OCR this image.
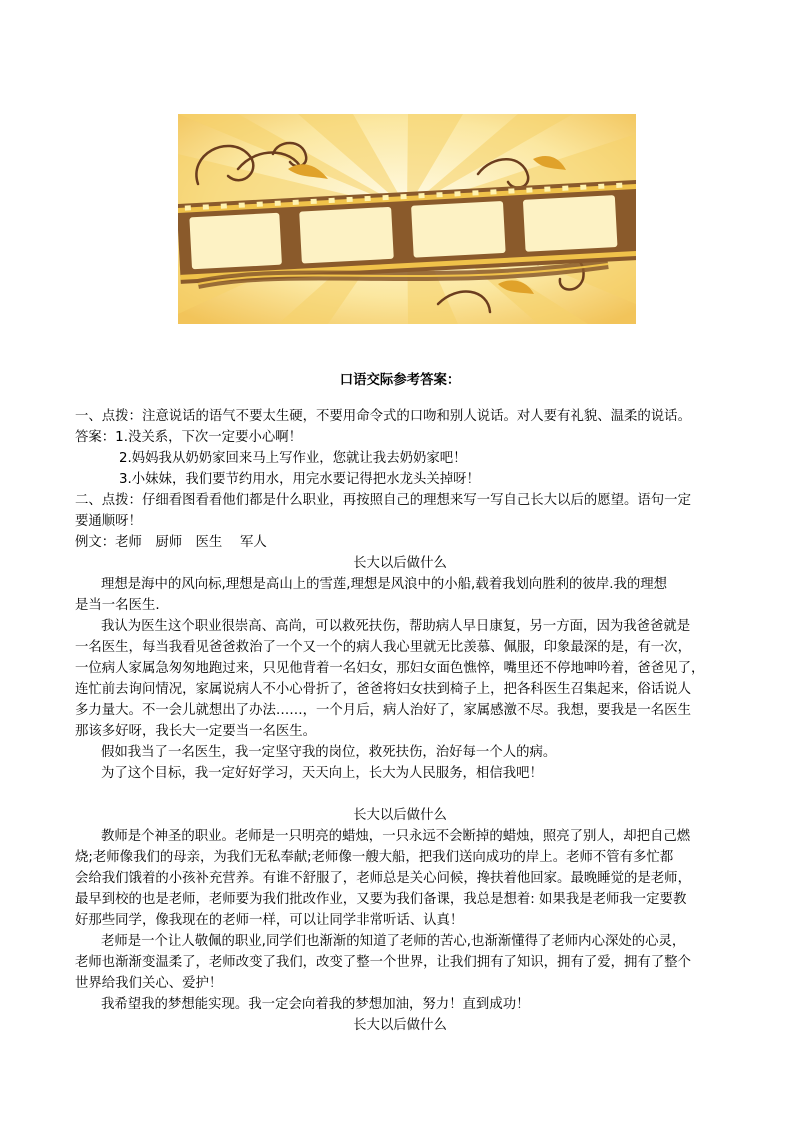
口语交际参考答案：
一、点拨：注意说话的语气不要太生硬，不要用命令式的口吻和别人说话。对人要有礼貌、温柔的说话。
答案：1.没关系，下次一定要小心啊！
2.妈妈我从奶奶家回来马上写作业，您就让我去奶奶家吧！
3.小妹妹，我们要节约用水，用完水要记得把水龙头关掉呀！
二、点拨：仔细看图看看他们都是什么职业，再按照自己的理想来写一写自己长大以后的愿望。语句一定
要通顺呀！
例文：老师　厨师　医生　 军人
长大以后做什么
理想是海中的风向标,理想是高山上的雪莲,理想是风浪中的小船,载着我划向胜利的彼岸.我的理想
是当一名医生.
我认为医生这个职业很崇高、高尚，可以救死扶伤，帮助病人早日康复，另一方面，因为我爸爸就是
一名医生，每当我看见爸爸救治了一个又一个的病人我心里就无比羡慕、佩服，印象最深的是，有一次，
一位病人家属急匆匆地跑过来，只见他背着一名妇女，那妇女面色憔悴，嘴里还不停地呻吟着，爸爸见了，
连忙前去询问情况，家属说病人不小心骨折了，爸爸将妇女扶到椅子上，把各科医生召集起来，俗话说人
多力量大。不一会儿就想出了办法……，一个月后，病人治好了，家属感激不尽。我想，要我是一名医生
那该多好呀，我长大一定要当一名医生。
假如我当了一名医生，我一定坚守我的岗位，救死扶伤，治好每一个人的病。
为了这个目标，我一定好好学习，天天向上，长大为人民服务，相信我吧！
长大以后做什么
教师是个神圣的职业。老师是一只明亮的蜡烛，一只永远不会断掉的蜡烛，照亮了别人，却把自己燃
烧;老师像我们的母亲，为我们无私奉献;老师像一艘大船，把我们送向成功的岸上。老师不管有多忙都
会给我们饿着的小孩补充营养。有谁不舒服了，老师总是关心问候，搀扶着他回家。最晚睡觉的是老师，
最早到校的也是老师，老师要为我们批改作业，又要为我们备课，我总是想着: 如果我是老师我一定要教
好那些同学，像我现在的老师一样，可以让同学非常听话、认真！
老师是一个让人敬佩的职业,同学们也渐渐的知道了老师的苦心,也渐渐懂得了老师内心深处的心灵，
老师也渐渐变温柔了，老师改变了我们，改变了整一个世界，让我们拥有了知识，拥有了爱，拥有了整个
世界给我们关心、爱护！
我希望我的梦想能实现。我一定会向着我的梦想加油，努力！直到成功！
长大以后做什么
